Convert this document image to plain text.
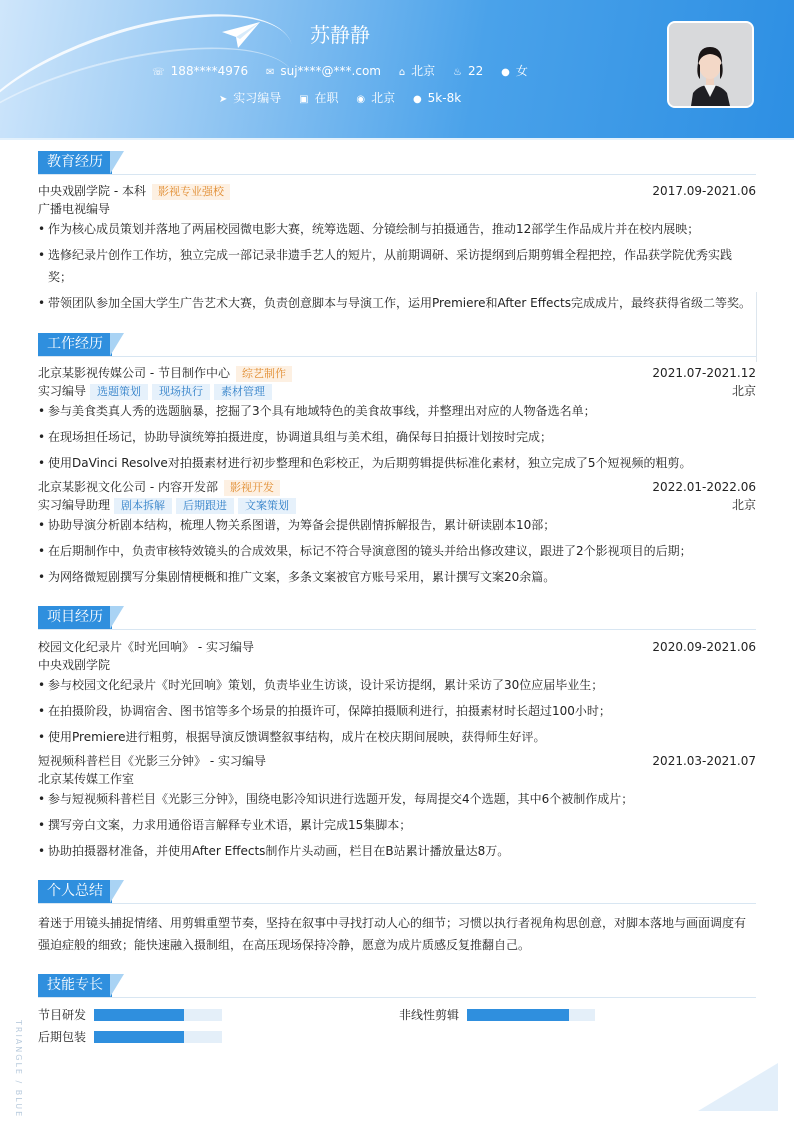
苏静静
☏ 188****4976 ✉ suj****@***.com ⌂ 北京 ♨ 22 ● 女
➤ 实习编导 ▣ 在职 ◉ 北京 ● 5k-8k
教育经历
中央戏剧学院 - 本科 影视专业强校	2017.09-2021.06
广播电视编导
• 作为核心成员策划并落地了两届校园微电影大赛，统筹选题、分镜绘制与拍摄通告，推动12部学生作品成片并在校内展映；
• 选修纪录片创作工作坊，独立完成一部记录非遗手艺人的短片，从前期调研、采访提纲到后期剪辑全程把控，作品获学院优秀实践奖；
• 带领团队参加全国大学生广告艺术大赛，负责创意脚本与导演工作，运用Premiere和After Effects完成成片，最终获得省级二等奖。
工作经历
北京某影视传媒公司 - 节目制作中心 综艺制作	2021.07-2021.12
实习编导 选题策划 现场执行 素材管理	北京
• 参与美食类真人秀的选题脑暴，挖掘了3个具有地域特色的美食故事线，并整理出对应的人物备选名单；
• 在现场担任场记，协助导演统筹拍摄进度，协调道具组与美术组，确保每日拍摄计划按时完成；
• 使用DaVinci Resolve对拍摄素材进行初步整理和色彩校正，为后期剪辑提供标准化素材，独立完成了5个短视频的粗剪。
北京某影视文化公司 - 内容开发部 影视开发	2022.01-2022.06
实习编导助理 剧本拆解 后期跟进 文案策划	北京
• 协助导演分析剧本结构，梳理人物关系图谱，为筹备会提供剧情拆解报告，累计研读剧本10部；
• 在后期制作中，负责审核特效镜头的合成效果，标记不符合导演意图的镜头并给出修改建议，跟进了2个影视项目的后期；
• 为网络微短剧撰写分集剧情梗概和推广文案，多条文案被官方账号采用，累计撰写文案20余篇。
项目经历
校园文化纪录片《时光回响》 - 实习编导	2020.09-2021.06
中央戏剧学院
• 参与校园文化纪录片《时光回响》策划，负责毕业生访谈，设计采访提纲，累计采访了30位应届毕业生；
• 在拍摄阶段，协调宿舍、图书馆等多个场景的拍摄许可，保障拍摄顺利进行，拍摄素材时长超过100小时；
• 使用Premiere进行粗剪，根据导演反馈调整叙事结构，成片在校庆期间展映，获得师生好评。
短视频科普栏目《光影三分钟》 - 实习编导	2021.03-2021.07
北京某传媒工作室
• 参与短视频科普栏目《光影三分钟》，围绕电影冷知识进行选题开发，每周提交4个选题，其中6个被制作成片；
• 撰写旁白文案，力求用通俗语言解释专业术语，累计完成15集脚本；
• 协助拍摄器材准备，并使用After Effects制作片头动画，栏目在B站累计播放量达8万。
个人总结
着迷于用镜头捕捉情绪、用剪辑重塑节奏，坚持在叙事中寻找打动人心的细节；习惯以执行者视角构思创意，对脚本落地与画面调度有强迫症般的细致；能快速融入摄制组，在高压现场保持冷静，愿意为成片质感反复推翻自己。
技能专长
节目研发	非线性剪辑
后期包装
TRIANGLE / BLUE
